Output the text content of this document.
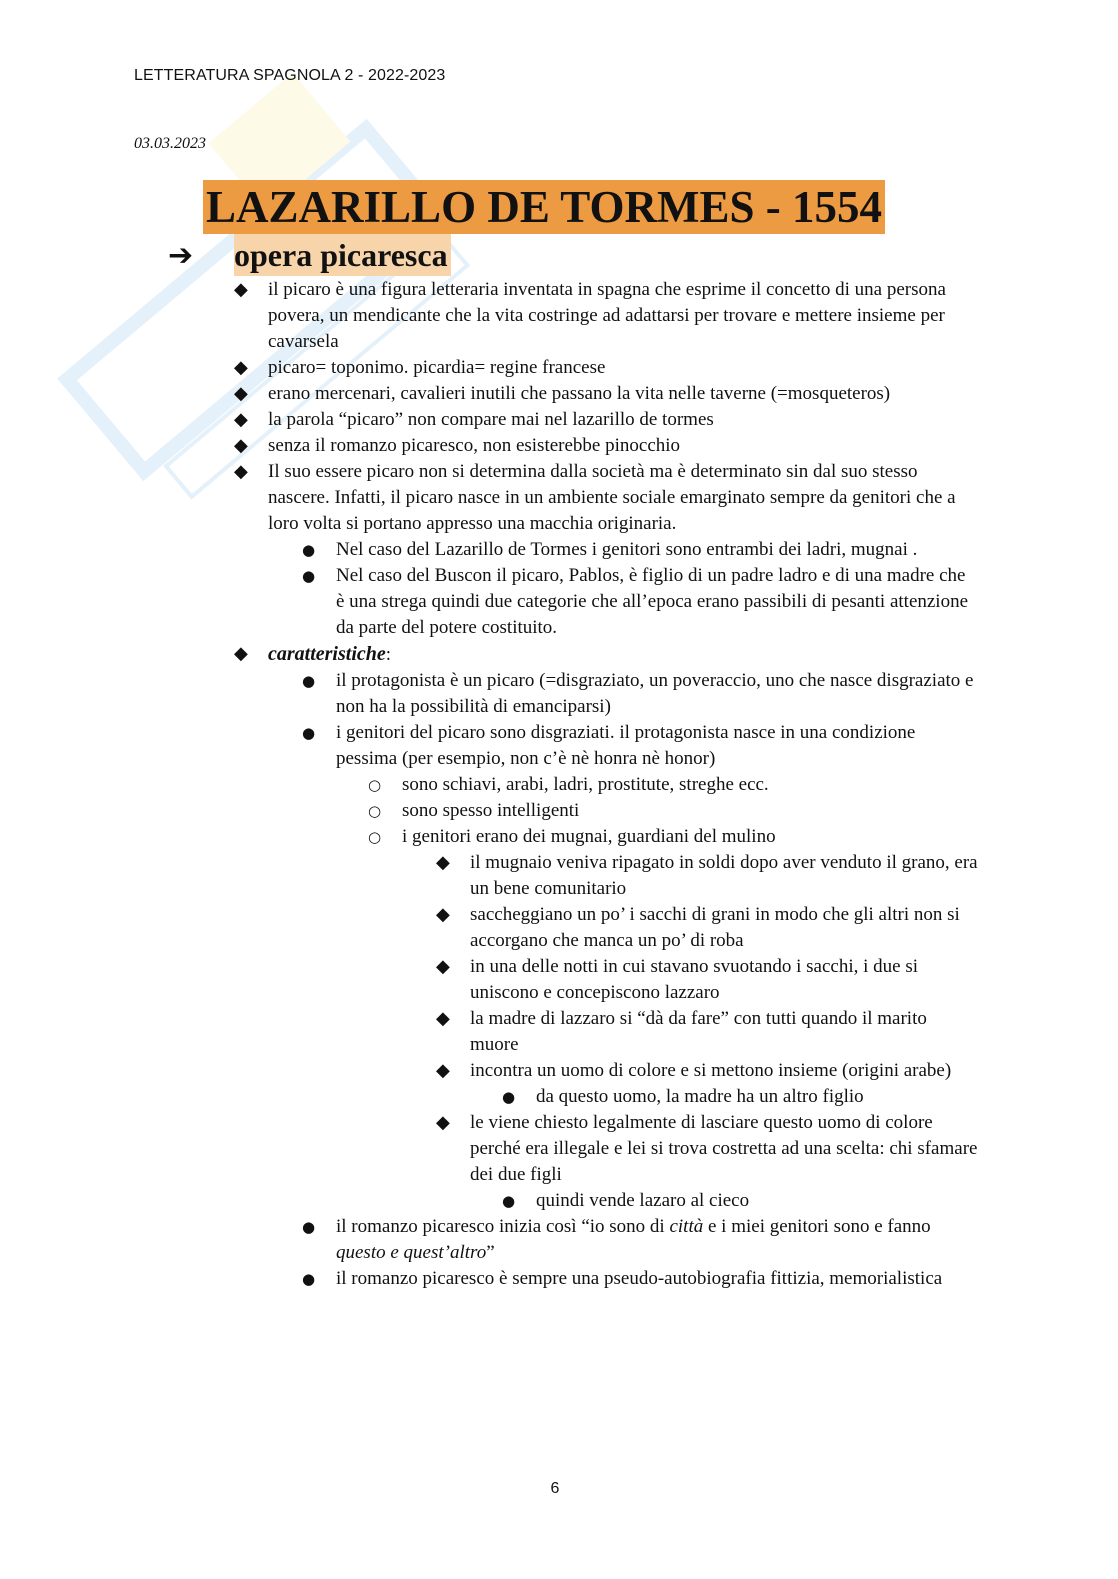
LETTERATURA SPAGNOLA 2 - 2022-2023
03.03.2023
LAZARILLO DE TORMES - 1554
➔	opera picaresca
◆ il picaro è una figura letteraria inventata in spagna che esprime il concetto di una persona povera, un mendicante che la vita costringe ad adattarsi per trovare e mettere insieme per cavarsela
◆ picaro= toponimo. picardia= regine francese
◆ erano mercenari, cavalieri inutili che passano la vita nelle taverne (=mosqueteros)
◆ la parola “picaro” non compare mai nel lazarillo de tormes
◆ senza il romanzo picaresco, non esisterebbe pinocchio
◆ Il suo essere picaro non si determina dalla società ma è determinato sin dal suo stesso nascere. Infatti, il picaro nasce in un ambiente sociale emarginato sempre da genitori che a loro volta si portano appresso una macchia originaria.
● Nel caso del Lazarillo de Tormes i genitori sono entrambi dei ladri, mugnai .
● Nel caso del Buscon il picaro, Pablos, è figlio di un padre ladro e di una madre che è una strega quindi due categorie che all’epoca erano passibili di pesanti attenzione da parte del potere costituito.
◆ caratteristiche:
● il protagonista è un picaro (=disgraziato, un poveraccio, uno che nasce disgraziato e non ha la possibilità di emanciparsi)
● i genitori del picaro sono disgraziati. il protagonista nasce in una condizione pessima (per esempio, non c’è nè honra nè honor)
○ sono schiavi, arabi, ladri, prostitute, streghe ecc.
○ sono spesso intelligenti
○ i genitori erano dei mugnai, guardiani del mulino
◆ il mugnaio veniva ripagato in soldi dopo aver venduto il grano, era un bene comunitario
◆ saccheggiano un po’ i sacchi di grani in modo che gli altri non si accorgano che manca un po’ di roba
◆ in una delle notti in cui stavano svuotando i sacchi, i due si uniscono e concepiscono lazzaro
◆ la madre di lazzaro si “dà da fare” con tutti quando il marito muore
◆ incontra un uomo di colore e si mettono insieme (origini arabe)
● da questo uomo, la madre ha un altro figlio
◆ le viene chiesto legalmente di lasciare questo uomo di colore perché era illegale e lei si trova costretta ad una scelta: chi sfamare dei due figli
● quindi vende lazaro al cieco
● il romanzo picaresco inizia così “io sono di città e i miei genitori sono e fanno questo e quest’altro”
● il romanzo picaresco è sempre una pseudo-autobiografia fittizia, memorialistica
6
